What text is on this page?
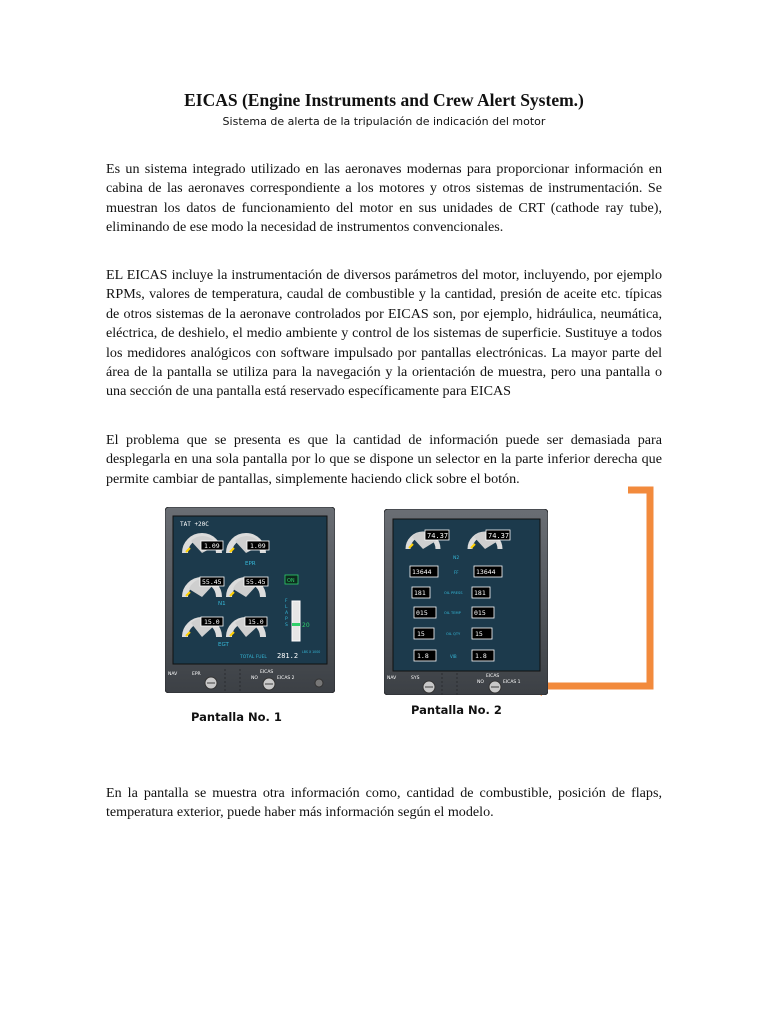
EICAS (Engine Instruments and Crew Alert System.)
Sistema de alerta de la tripulación de indicación del motor

Es un sistema integrado utilizado en las aeronaves modernas para proporcionar información en cabina de las aeronaves correspondiente a los motores y otros sistemas de instrumentación. Se muestran los datos de funcionamiento del motor en sus unidades de CRT (cathode ray tube), eliminando de ese modo la necesidad de instrumentos convencionales.

EL EICAS incluye la instrumentación de diversos parámetros del motor, incluyendo, por ejemplo RPMs, valores de temperatura, caudal de combustible y la cantidad, presión de aceite etc. típicas de otros sistemas de la aeronave controlados por EICAS son, por ejemplo, hidráulica, neumática, eléctrica, de deshielo, el medio ambiente y control de los sistemas de superficie. Sustituye a todos los medidores analógicos con software impulsado por pantallas electrónicas. La mayor parte del área de la pantalla se utiliza para la navegación y la orientación de muestra, pero una pantalla o una sección de una pantalla está reservado específicamente para EICAS

El problema que se presenta es que la cantidad de información puede ser demasiada para desplegarla en una sola pantalla por lo que se dispone un selector en la parte inferior derecha que permite cambiar de pantallas, simplemente haciendo click sobre el botón.

TAT +20C
1.09	1.09
EPR
55.45	55.45
N1
ON
15.0	15.0
EGT
F L A P S 20
TOTAL FUEL 281.2 LBS X 1000
NAV	EPR	EICAS
NO	EICAS 2
Pantalla No. 1
74.37	74.37
N2
13644	FF	13644
181	OIL PRESS 181
015	OIL TEMP 015
15	OIL QTY 15
1.8	VIB	1.8
NAV	SYS	EICAS
NO	EICAS 1
Pantalla No. 2

En la pantalla se muestra otra información como, cantidad de combustible, posición de flaps, temperatura exterior, puede haber más información según el modelo.
